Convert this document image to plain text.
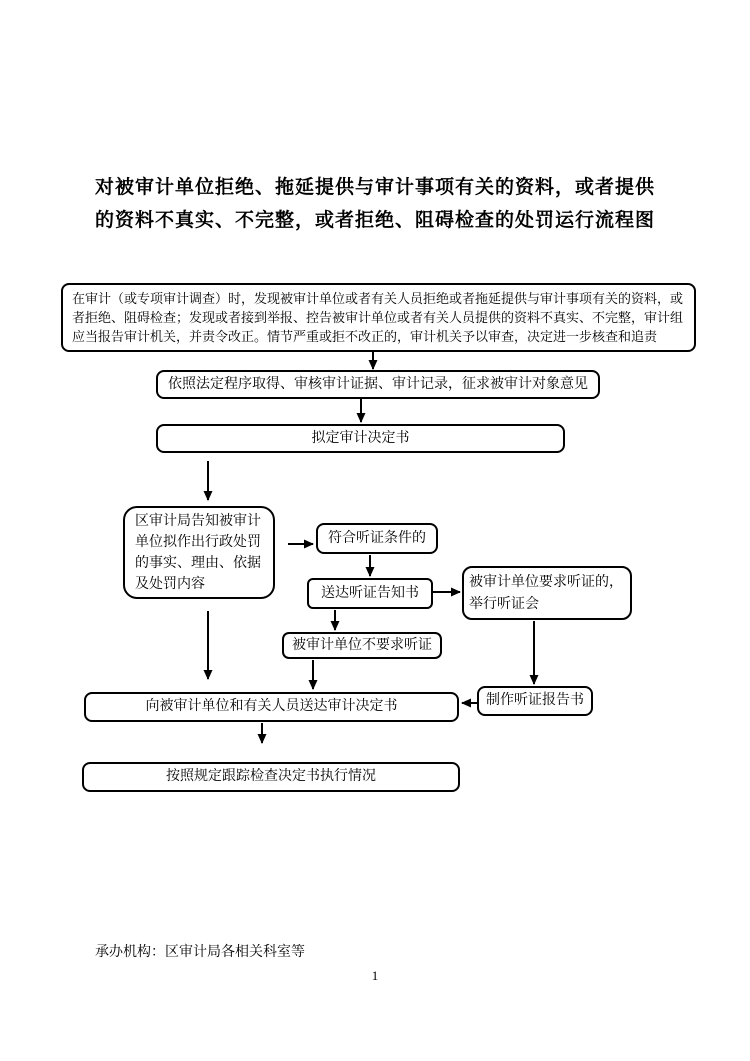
对被审计单位拒绝、拖延提供与审计事项有关的资料，或者提供
的资料不真实、不完整，或者拒绝、阻碍检查的处罚运行流程图
在审计（或专项审计调查）时，发现被审计单位或者有关人员拒绝或者拖延提供与审计事项有关的资料，或者拒绝、阻碍检查；发现或者接到举报、控告被审计单位或者有关人员提供的资料不真实、不完整，审计组应当报告审计机关，并责令改正。情节严重或拒不改正的，审计机关予以审查，决定进一步核查和追责
依照法定程序取得、审核审计证据、审计记录，征求被审计对象意见
拟定审计决定书
区审计局告知被审计单位拟作出行政处罚的事实、理由、依据及处罚内容
符合听证条件的
送达听证告知书
被审计单位要求听证的，举行听证会
被审计单位不要求听证
制作听证报告书
向被审计单位和有关人员送达审计决定书
按照规定跟踪检查决定书执行情况
承办机构：区审计局各相关科室等
1
